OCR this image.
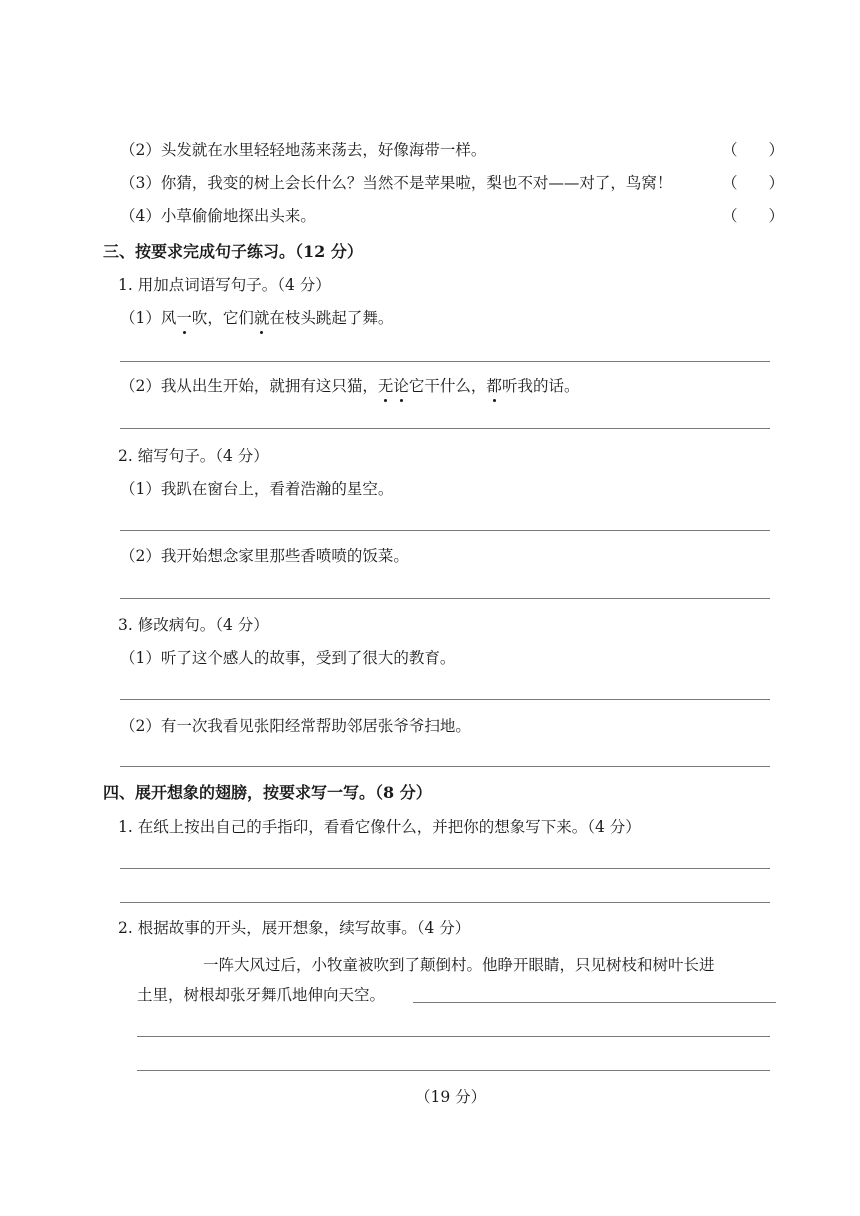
（2）头发就在水里轻轻地荡来荡去，好像海带一样。	（　　）
（3）你猜，我变的树上会长什么？当然不是苹果啦，梨也不对——对了，鸟窝！	（　　）
（4）小草偷偷地探出头来。	（　　）
三、按要求完成句子练习。（12 分）
1. 用加点词语写句子。（4 分）
（1）风一吹，它们就在枝头跳起了舞。
（2）我从出生开始，就拥有这只猫，无论它干什么，都听我的话。
2. 缩写句子。（4 分）
（1）我趴在窗台上，看着浩瀚的星空。
（2）我开始想念家里那些香喷喷的饭菜。
3. 修改病句。（4 分）
（1）听了这个感人的故事，受到了很大的教育。
（2）有一次我看见张阳经常帮助邻居张爷爷扫地。
四、展开想象的翅膀，按要求写一写。（8 分）
1. 在纸上按出自己的手指印，看看它像什么，并把你的想象写下来。（4 分）
2. 根据故事的开头，展开想象，续写故事。（4 分）
一阵大风过后，小牧童被吹到了颠倒村。他睁开眼睛，只见树枝和树叶长进
土里，树根却张牙舞爪地伸向天空。
（19 分）
